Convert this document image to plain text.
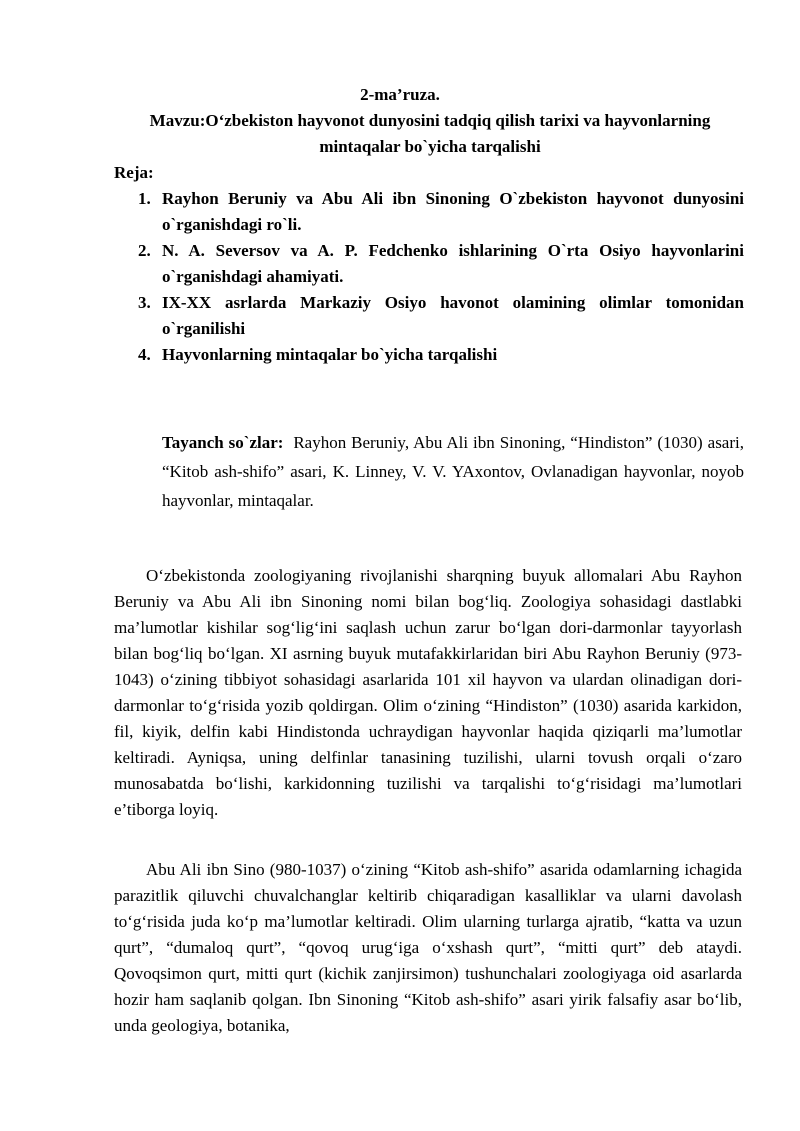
2-ma’ruza.
Mavzu:O‘zbekiston hayvonot dunyosini tadqiq qilish tarixi va hayvonlarning mintaqalar bo`yicha tarqalishi
Reja:
1. Rayhon Beruniy va Abu Ali ibn Sinoning O`zbekiston hayvonot dunyosini o`rganishdagi ro`li.
2. N. A. Seversov va A. P. Fedchenko ishlarining O`rta Osiyo hayvonlarini o`rganishdagi ahamiyati.
3. IX-XX asrlarda Markaziy Osiyo havonot olamining olimlar tomonidan o`rganilishi
4. Hayvonlarning mintaqalar bo`yicha tarqalishi
Tayanch so`zlar: Rayhon Beruniy, Abu Ali ibn Sinoning, “Hindiston” (1030) asari, “Kitob ash-shifo” asari, K. Linney, V. V. YAxontov, Ovlanadigan hayvonlar, noyob hayvonlar, mintaqalar.

O‘zbekistonda zoologiyaning rivojlanishi sharqning buyuk allomalari Abu Rayhon Beruniy va Abu Ali ibn Sinoning nomi bilan bog‘liq. Zoologiya sohasidagi dastlabki ma’lumotlar kishilar sog‘lig‘ini saqlash uchun zarur bo‘lgan dori-darmonlar tayyorlash bilan bog‘liq bo‘lgan. XI asrning buyuk mutafakkirlaridan biri Abu Rayhon Beruniy (973-1043) o‘zining tibbiyot sohasidagi asarlarida 101 xil hayvon va ulardan olinadigan dori-darmonlar to‘g‘risida yozib qoldirgan. Olim o‘zining “Hindiston” (1030) asarida karkidon, fil, kiyik, delfin kabi Hindistonda uchraydigan hayvonlar haqida qiziqarli ma’lumotlar keltiradi. Ayniqsa, uning delfinlar tanasining tuzilishi, ularni tovush orqali o‘zaro munosabatda bo‘lishi, karkidonning tuzilishi va tarqalishi to‘g‘risidagi ma’lumotlari e’tiborga loyiq.

Abu Ali ibn Sino (980-1037) o‘zining “Kitob ash-shifo” asarida odamlarning ichagida parazitlik qiluvchi chuvalchanglar keltirib chiqaradigan kasalliklar va ularni davolash to‘g‘risida juda ko‘p ma’lumotlar keltiradi. Olim ularning turlarga ajratib, “katta va uzun qurt”, “dumaloq qurt”, “qovoq urug‘iga o‘xshash qurt”, “mitti qurt” deb ataydi. Qovoqsimon qurt, mitti qurt (kichik zanjirsimon) tushunchalari zoologiyaga oid asarlarda hozir ham saqlanib qolgan. Ibn Sinoning “Kitob ash-shifo” asari yirik falsafiy asar bo‘lib, unda geologiya, botanika,
